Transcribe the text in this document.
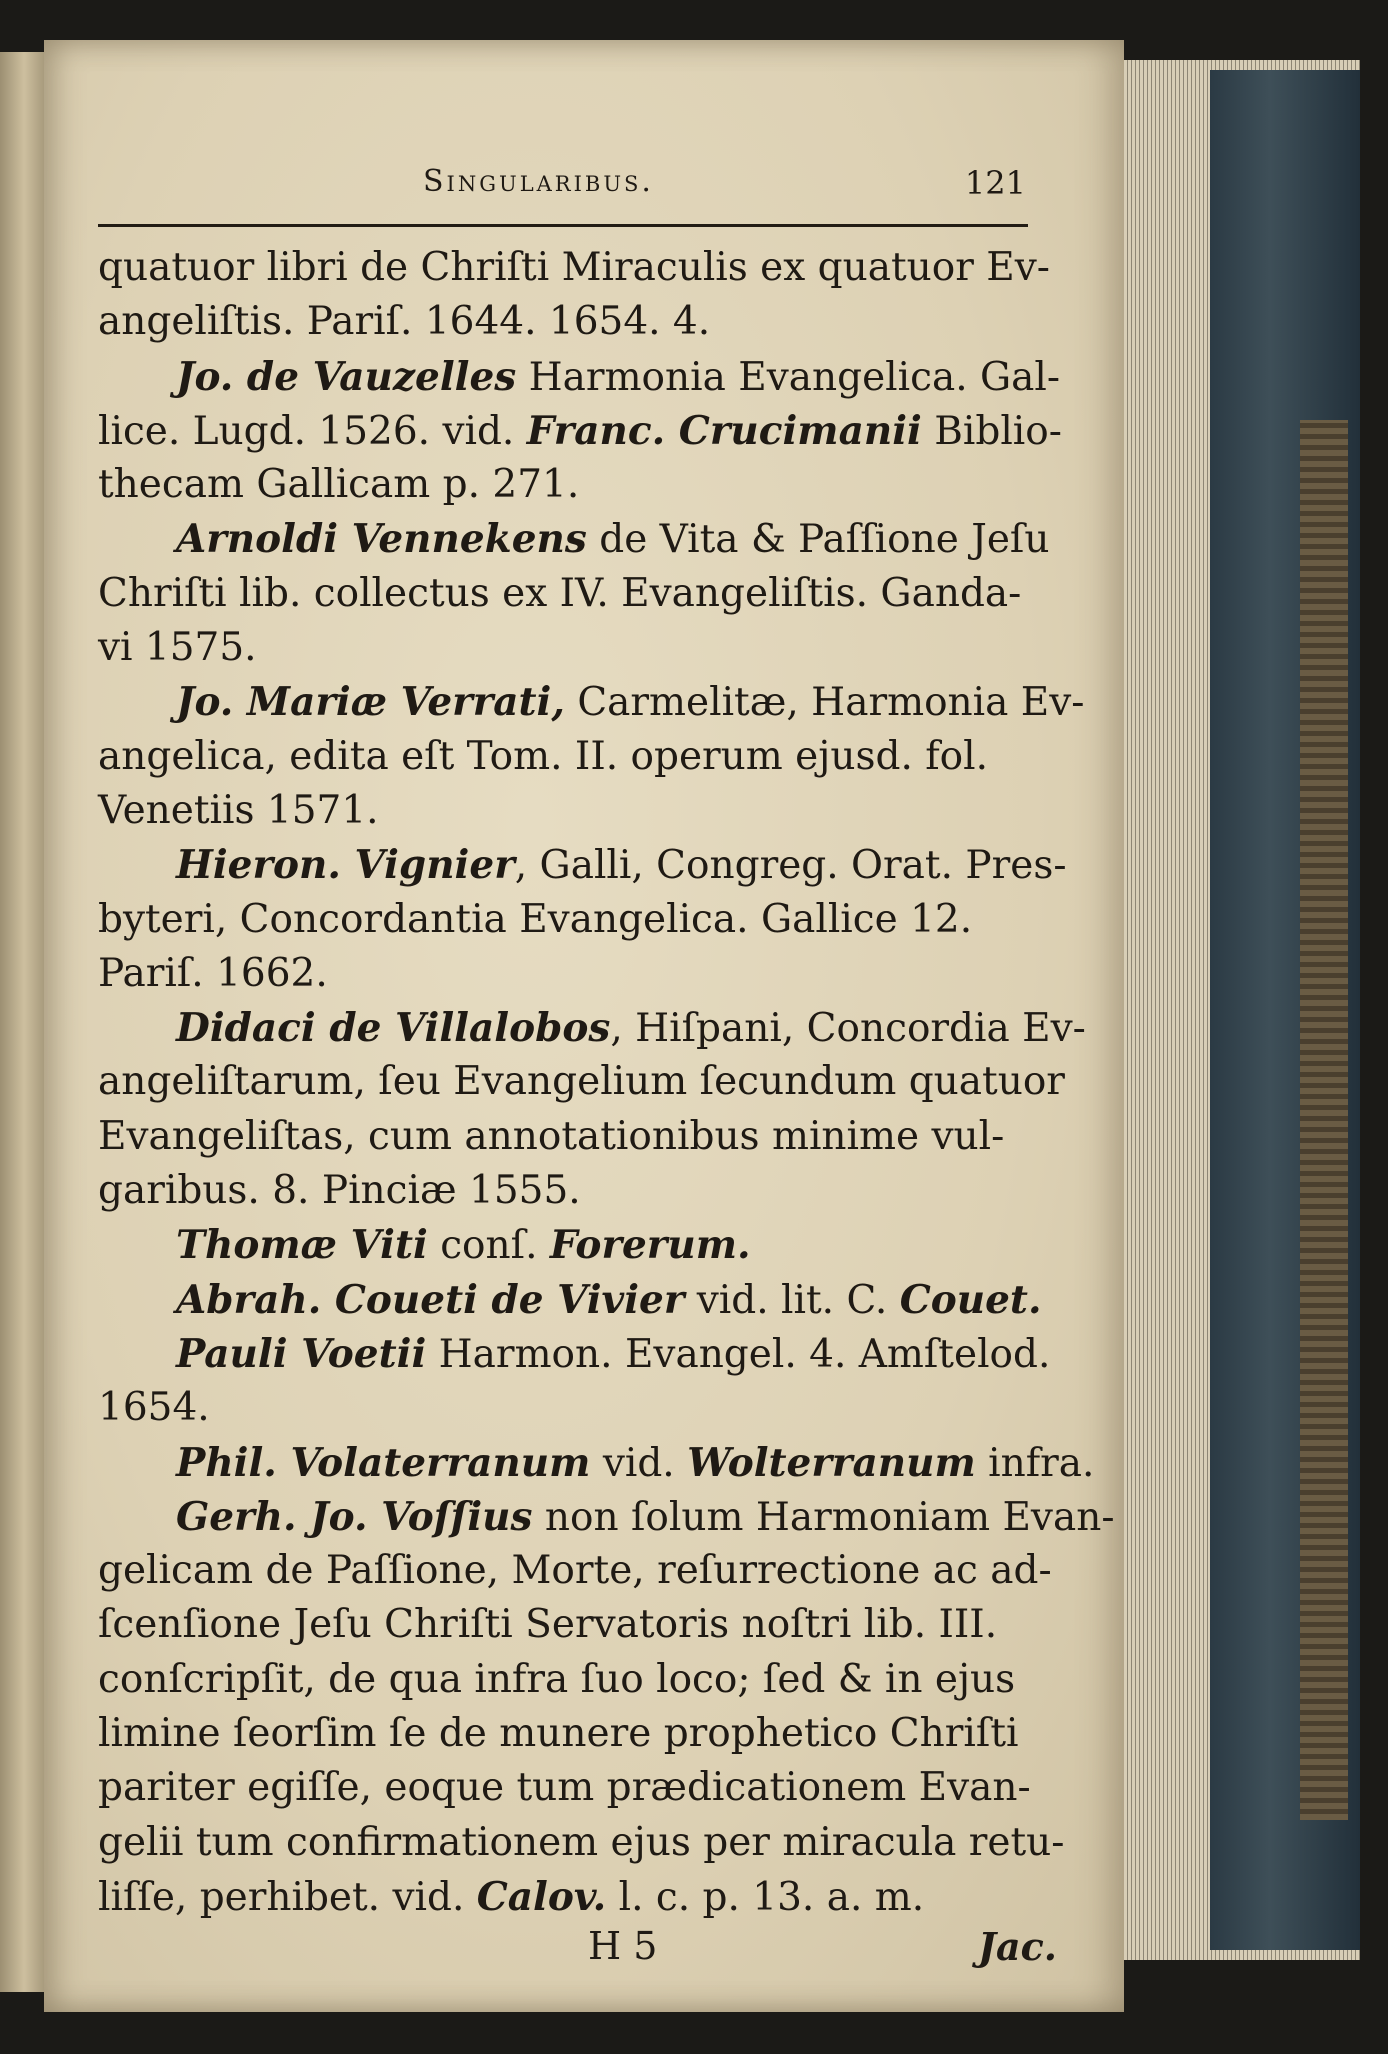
Singularibus.	121
quatuor libri de Chriſti Miraculis ex quatuor Ev-
angeliſtis. Pariſ. 1644. 1654. 4.
Jo. de Vauzelles Harmonia Evangelica. Gal-
lice. Lugd. 1526. vid. Franc. Crucimanii Biblio-
thecam Gallicam p. 271.
Arnoldi Vennekens de Vita & Paſſione Jeſu
Chriſti lib. collectus ex IV. Evangeliſtis. Ganda-
vi 1575.
Jo. Mariæ Verrati, Carmelitæ, Harmonia Ev-
angelica, edita eſt Tom. II. operum ejusd. fol.
Venetiis 1571.
Hieron. Vignier, Galli, Congreg. Orat. Pres-
byteri, Concordantia Evangelica. Gallice 12.
Pariſ. 1662.
Didaci de Villalobos, Hiſpani, Concordia Ev-
angeliſtarum, ſeu Evangelium ſecundum quatuor
Evangeliſtas, cum annotationibus minime vul-
garibus. 8. Pinciæ 1555.
Thomæ Viti conſ. Forerum.
Abrah. Coueti de Vivier vid. lit. C. Couet.
Pauli Voetii Harmon. Evangel. 4. Amſtelod.
1654.
Phil. Volaterranum vid. Wolterranum infra.
Gerh. Jo. Voſſius non ſolum Harmoniam Evan-
gelicam de Paſſione, Morte, reſurrectione ac ad-
ſcenſione Jeſu Chriſti Servatoris noſtri lib. III.
conſcripſit, de qua infra ſuo loco; ſed & in ejus
limine ſeorſim ſe de munere prophetico Chriſti
pariter egiſſe, eoque tum prædicationem Evan-
gelii tum confirmationem ejus per miracula retu-
liſſe, perhibet. vid. Calov. l. c. p. 13. a. m.
H 5	Jac.
